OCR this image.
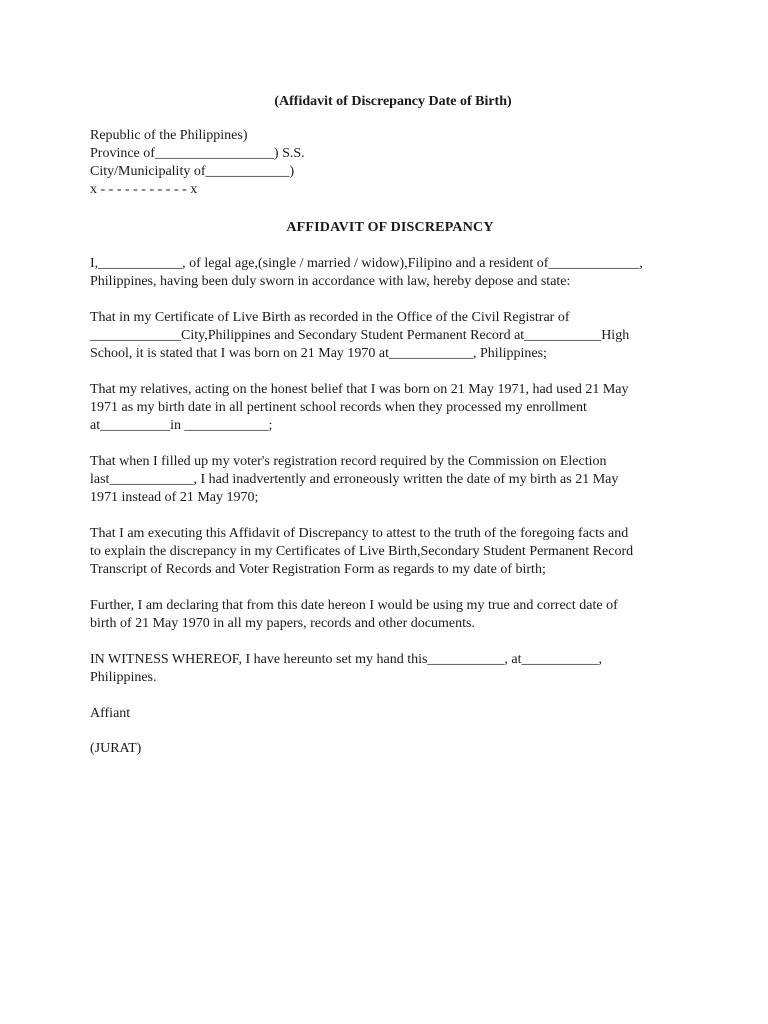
(Affidavit of Discrepancy Date of Birth)
Republic of the Philippines)
Province of_________________) S.S.
City/Municipality of____________)
x - - - - - - - - - - - x
AFFIDAVIT OF DISCREPANCY
I,____________, of legal age,(single / married / widow),Filipino and a resident of_____________,
Philippines, having been duly sworn in accordance with law, hereby depose and state:
That in my Certificate of Live Birth as recorded in the Office of the Civil Registrar of
_____________City,Philippines and Secondary Student Permanent Record at___________High
School, it is stated that I was born on 21 May 1970 at____________, Philippines;
That my relatives, acting on the honest belief that I was born on 21 May 1971, had used 21 May
1971 as my birth date in all pertinent school records when they processed my enrollment
at__________in ____________;
That when I filled up my voter's registration record required by the Commission on Election
last____________, I had inadvertently and erroneously written the date of my birth as 21 May
1971 instead of 21 May 1970;
That I am executing this Affidavit of Discrepancy to attest to the truth of the foregoing facts and
to explain the discrepancy in my Certificates of Live Birth,Secondary Student Permanent Record
Transcript of Records and Voter Registration Form as regards to my date of birth;
Further, I am declaring that from this date hereon I would be using my true and correct date of
birth of 21 May 1970 in all my papers, records and other documents.
IN WITNESS WHEREOF, I have hereunto set my hand this___________, at___________,
Philippines.
Affiant
(JURAT)
